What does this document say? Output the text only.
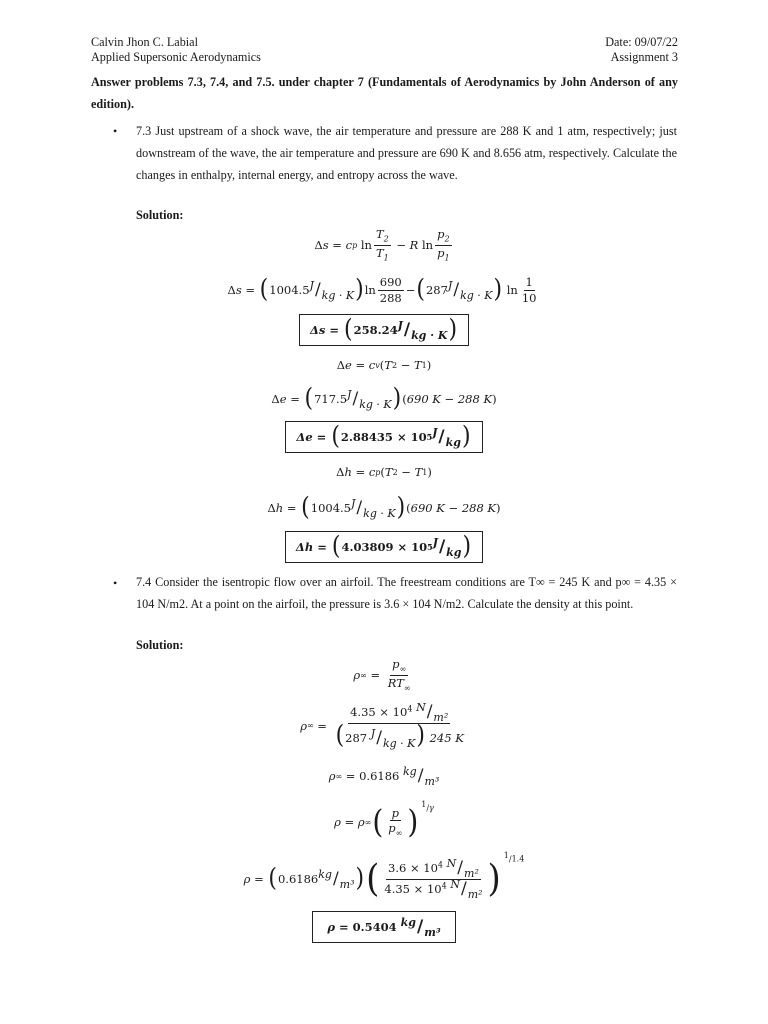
Calvin Jhon C. Labial
Applied Supersonic Aerodynamics
Date: 09/07/22
Assignment 3
Answer problems 7.3, 7.4, and 7.5. under chapter 7 (Fundamentals of Aerodynamics by John Anderson of any edition).
• 7.3 Just upstream of a shock wave, the air temperature and pressure are 288 K and 1 atm, respectively; just downstream of the wave, the air temperature and pressure are 690 K and 8.656 atm, respectively. Calculate the changes in enthalpy, internal energy, and entropy across the wave.
Solution:
Δ s = c p $\ln \frac{T_2}{T_1} - R$ $\ln \frac{p_2}{p_1}$
Δ s = ( 1004.5 J / kg · K ) $\ln \frac{690}{288}$ − ( 287 J / kg · K ) $\ln \frac{1}{10}$
Δs = ( 258.24 J / kg · K )
Δ e = c v ( T 2 − T 1 )
Δ e = ( 717.5 J / kg · K ) ( 690 K − 288 K )
Δe = ( 2.88435
×
10 5 J / kg )
Δ h = c p ( T 2 − T 1 )
Δ h = ( 1004.5 J / kg · K ) ( 690 K − 288 K )
Δh = ( 4.03809
×
10 5 J / kg )
• 7.4 Consider the isentropic flow over an airfoil. The freestream conditions are T∞ = 245 K and p∞ = 4.35 × 104 N/m2. At a point on the airfoil, the pressure is 3.6 × 104 N/m2. Calculate the density at this point.
Solution:
ρ ∞ = $\frac{p_\infty}{RT_\infty}$
ρ ∞ = $\frac{4.35 \times 10^4 N / m^2}{(287 J / kg \cdot K ) 245 K}$
ρ ∞ = 0.6186
kg / m³
ρ = ρ ∞ ( $\frac{p}{p_\infty}$ ) $^1$/γ
ρ = ( 0.6186 kg / m³ ) ( $\frac{3.6 \times 10^4 N / m^2}{4.35 \times 10^4 N / m^2}$ )
$^1$/1.4
ρ = 0.5404
kg / m³
